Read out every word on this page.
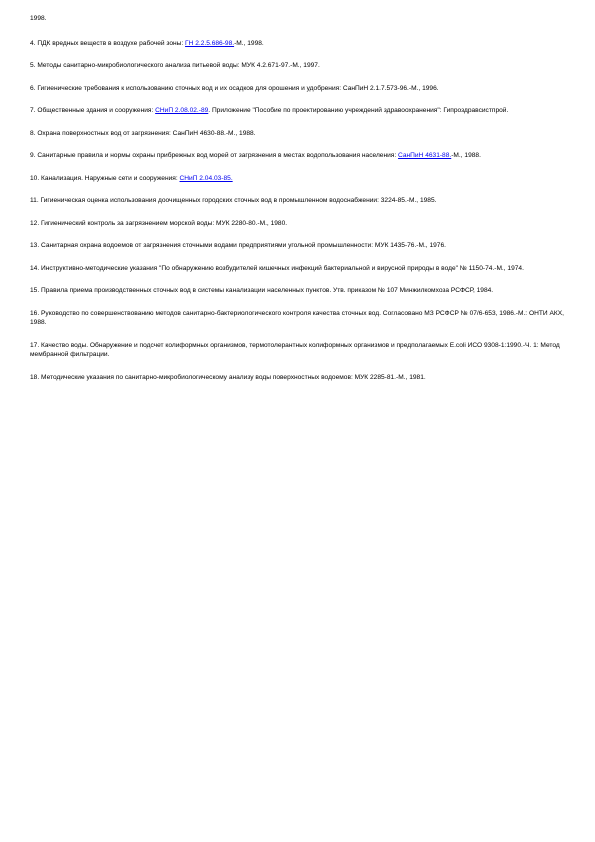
1998.

4. ПДК вредных веществ в воздухе рабочей зоны: ГН 2.2.5.686-98.-М., 1998.

5. Методы санитарно-микробиологического анализа питьевой воды: МУК 4.2.671-97.-М., 1997.

6. Гигиенические требования к использованию сточных вод и их осадков для орошения и удобрения: СанПиН 2.1.7.573-96.-М., 1996.

7. Общественные здания и сооружения: СНиП 2.08.02.-89. Приложение "Пособие по проектированию учреждений здравоохранения": Гипроздравсистпрой.

8. Охрана поверхностных вод от загрязнения: СанПиН 4630-88.-М., 1988.

9. Санитарные правила и нормы охраны прибрежных вод морей от загрязнения в местах водопользования населения: СанПиН 4631-88.-М., 1988.

10. Канализация. Наружные сети и сооружения: СНиП 2.04.03-85.

11. Гигиеническая оценка использования доочищенных городских сточных вод в промышленном водоснабжении: 3224-85.-М., 1985.

12. Гигиенический контроль за загрязнением морской воды: МУК 2280-80.-М., 1980.

13. Санитарная охрана водоемов от загрязнения сточными водами предприятиями угольной промышленности: МУК 1435-76.-М., 1976.

14. Инструктивно-методические указания "По обнаружению возбудителей кишечных инфекций бактериальной и вирусной природы в воде" № 1150-74.-М., 1974.

15. Правила приема производственных сточных вод в системы канализации населенных пунктов. Утв. приказом № 107 Минжилкомхоза РСФСР, 1984.

16. Руководство по совершенствованию методов санитарно-бактериологического контроля качества сточных вод. Согласовано МЗ РСФСР № 07/6-653, 1986.-М.: ОНТИ АКХ, 1988.

17. Качество воды. Обнаружение и подсчет колиформных организмов, термотолерантных колиформных организмов и предполагаемых E.coli ИСО 9308-1:1990.-Ч. 1: Метод мембранной фильтрации.

18. Методические указания по санитарно-микробиологическому анализу воды поверхностных водоемов: МУК 2285-81.-М., 1981.
